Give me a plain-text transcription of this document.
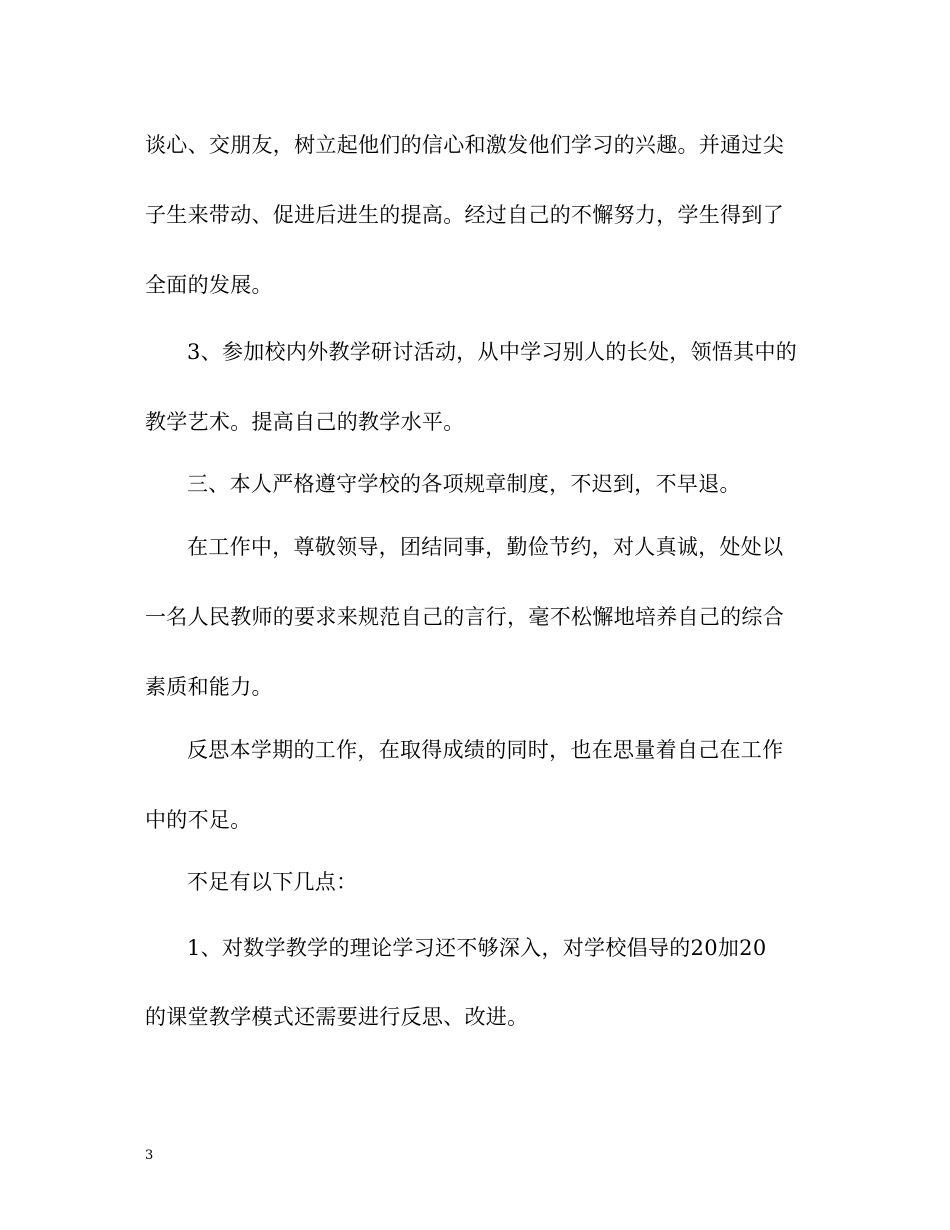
谈心、交朋友，树立起他们的信心和激发他们学习的兴趣。并通过尖
子生来带动、促进后进生的提高。经过自己的不懈努力，学生得到了
全面的发展。
3、参加校内外教学研讨活动，从中学习别人的长处，领悟其中的
教学艺术。提高自己的教学水平。
三、本人严格遵守学校的各项规章制度，不迟到，不早退。
在工作中，尊敬领导，团结同事，勤俭节约，对人真诚，处处以
一名人民教师的要求来规范自己的言行，毫不松懈地培养自己的综合
素质和能力。
反思本学期的工作，在取得成绩的同时，也在思量着自己在工作
中的不足。
不足有以下几点：
1、对数学教学的理论学习还不够深入，对学校倡导的20加20
的课堂教学模式还需要进行反思、改进。
3
